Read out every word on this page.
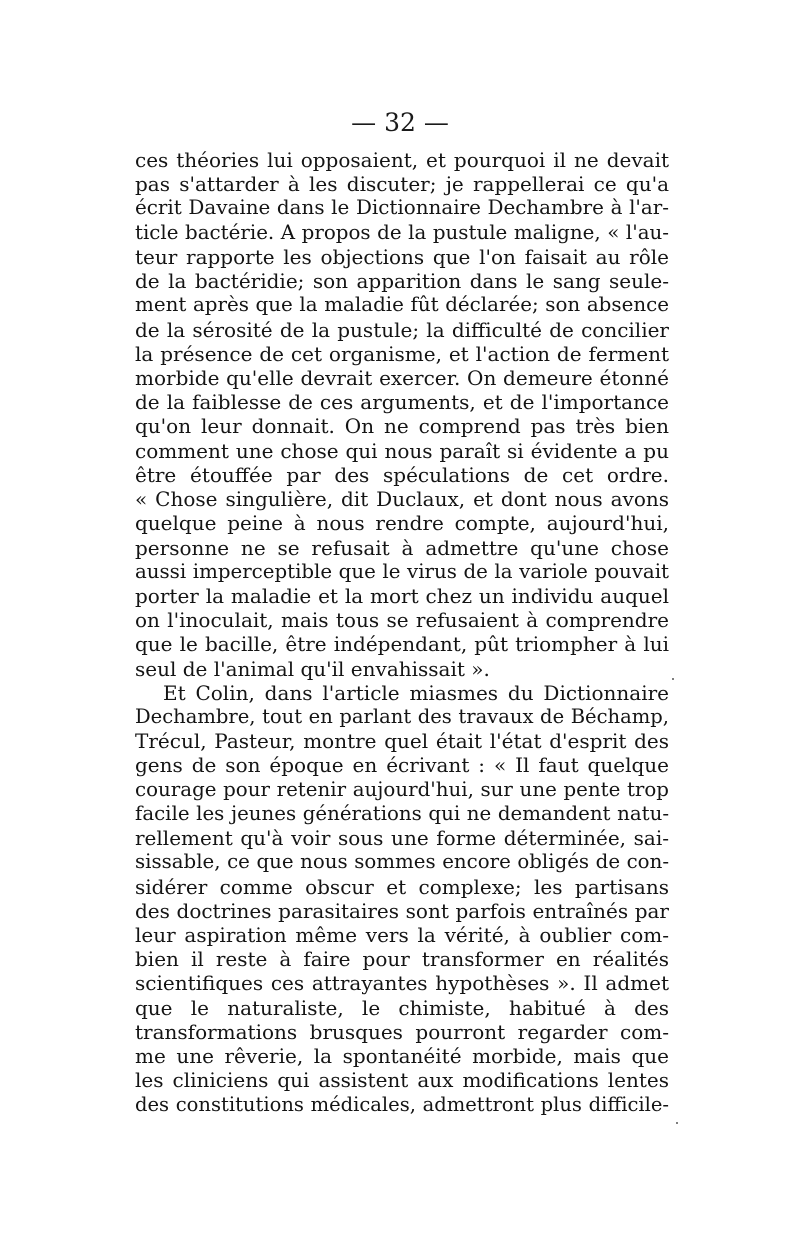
— 32 —
ces théories lui opposaient, et pourquoi il ne devait
pas s'attarder à les discuter; je rappellerai ce qu'a
écrit Davaine dans le Dictionnaire Dechambre à l'ar-
ticle bactérie. A propos de la pustule maligne, « l'au-
teur rapporte les objections que l'on faisait au rôle
de la bactéridie; son apparition dans le sang seule-
ment après que la maladie fût déclarée; son absence
de la sérosité de la pustule; la difficulté de concilier
la présence de cet organisme, et l'action de ferment
morbide qu'elle devrait exercer. On demeure étonné
de la faiblesse de ces arguments, et de l'importance
qu'on leur donnait. On ne comprend pas très bien
comment une chose qui nous paraît si évidente a pu
être étouffée par des spéculations de cet ordre.
« Chose singulière, dit Duclaux, et dont nous avons
quelque peine à nous rendre compte, aujourd'hui,
personne ne se refusait à admettre qu'une chose
aussi imperceptible que le virus de la variole pouvait
porter la maladie et la mort chez un individu auquel
on l'inoculait, mais tous se refusaient à comprendre
que le bacille, être indépendant, pût triompher à lui
seul de l'animal qu'il envahissait ».
Et Colin, dans l'article miasmes du Dictionnaire
Dechambre, tout en parlant des travaux de Béchamp,
Trécul, Pasteur, montre quel était l'état d'esprit des
gens de son époque en écrivant : « Il faut quelque
courage pour retenir aujourd'hui, sur une pente trop
facile les jeunes générations qui ne demandent natu-
rellement qu'à voir sous une forme déterminée, sai-
sissable, ce que nous sommes encore obligés de con-
sidérer comme obscur et complexe; les partisans
des doctrines parasitaires sont parfois entraînés par
leur aspiration même vers la vérité, à oublier com-
bien il reste à faire pour transformer en réalités
scientifiques ces attrayantes hypothèses ». Il admet
que le naturaliste, le chimiste, habitué à des
transformations brusques pourront regarder com-
me une rêverie, la spontanéité morbide, mais que
les cliniciens qui assistent aux modifications lentes
des constitutions médicales, admettront plus difficile-
